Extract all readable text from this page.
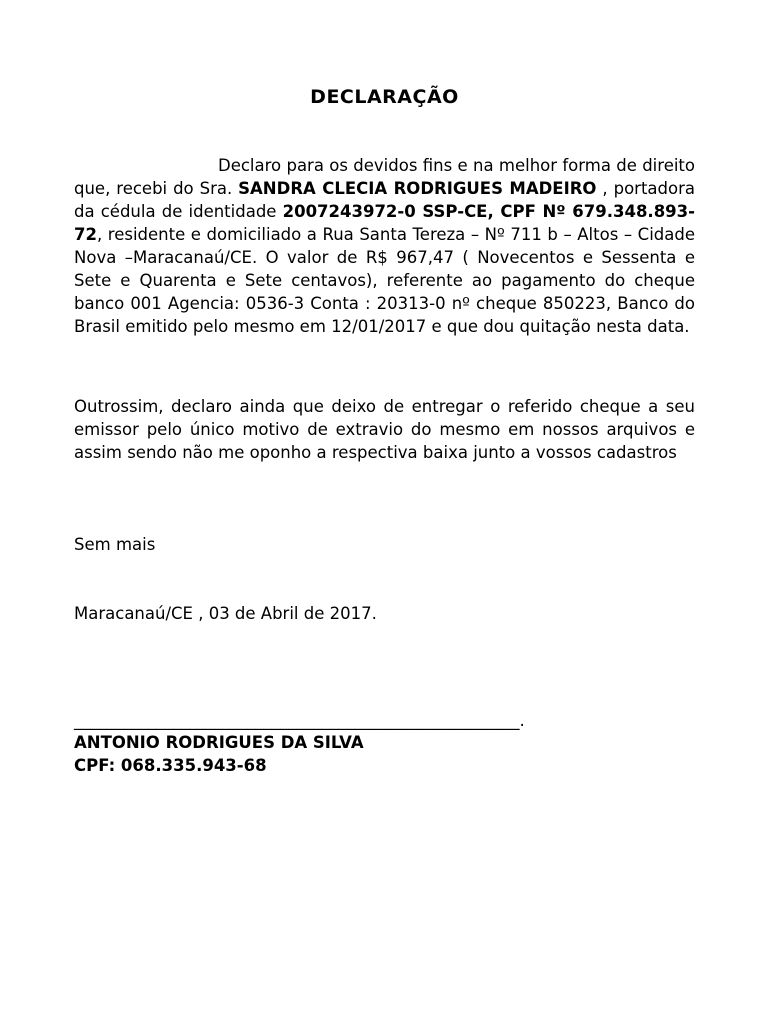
DECLARAÇÃO
Declaro para os devidos fins e na melhor forma de direito que, recebi do Sra. SANDRA CLECIA RODRIGUES MADEIRO , portadora da cédula de identidade 2007243972-0 SSP-CE, CPF Nº 679.348.893-72, residente e domiciliado a Rua Santa Tereza – Nº 711 b – Altos – Cidade Nova –Maracanaú/CE. O valor de R$ 967,47 ( Novecentos e Sessenta e Sete e Quarenta e Sete centavos), referente ao pagamento do cheque banco 001 Agencia: 0536-3 Conta : 20313-0 nº cheque 850223, Banco do Brasil emitido pelo mesmo em 12/01/2017 e que dou quitação nesta data.
Outrossim, declaro ainda que deixo de entregar o referido cheque a seu emissor pelo único motivo de extravio do mesmo em nossos arquivos e assim sendo não me oponho a respectiva baixa junto a vossos cadastros
Sem mais
Maracanaú/CE , 03 de Abril de 2017.
______________________________________________________.
ANTONIO RODRIGUES DA SILVA
CPF: 068.335.943-68
